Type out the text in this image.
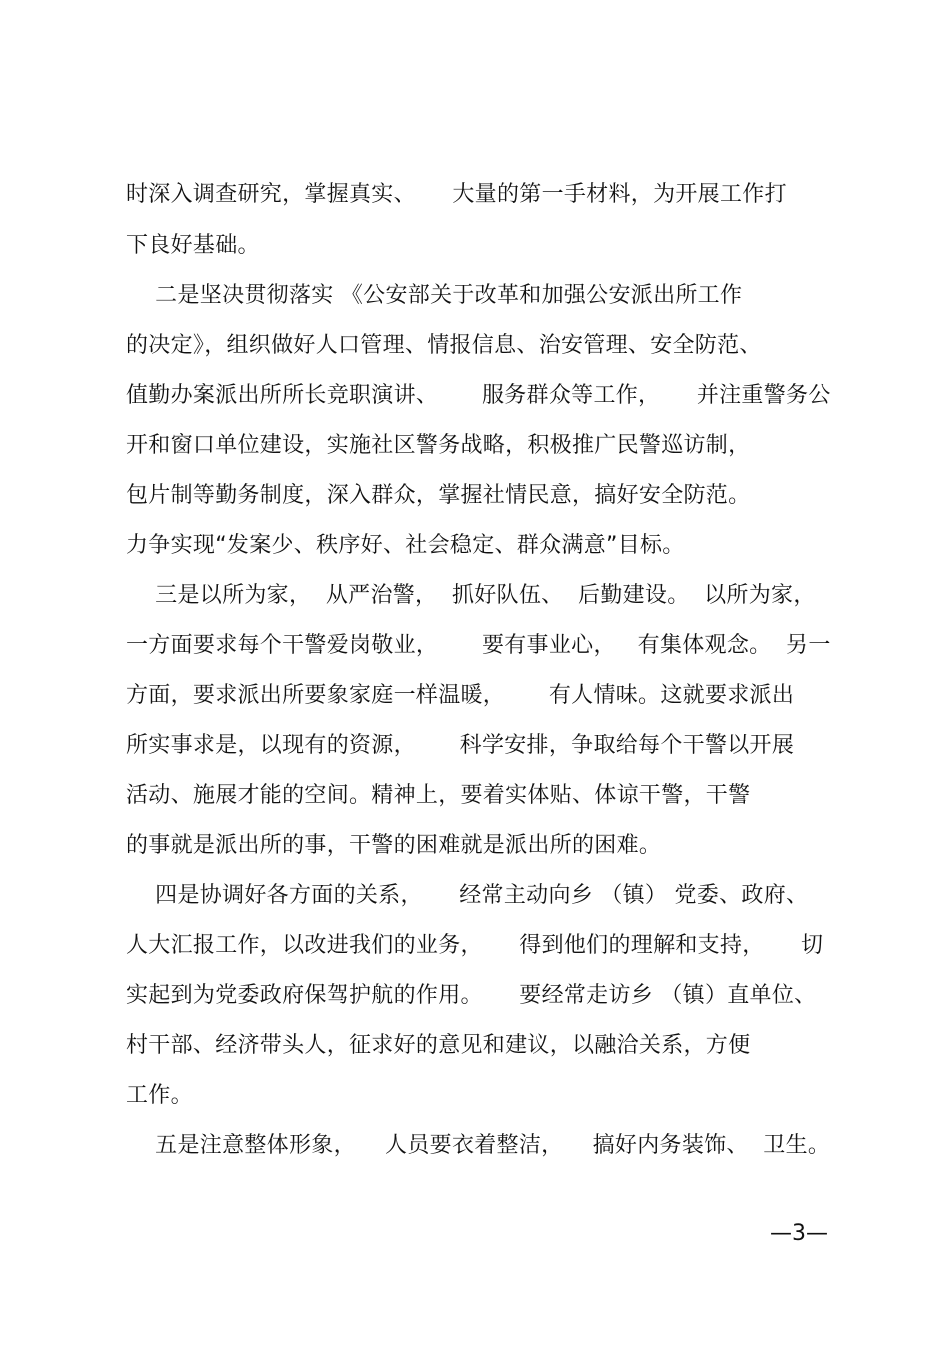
时深入调查研究，掌握真实、     大量的第一手材料，为开展工作打
下良好基础。
二是坚决贯彻落实 《公安部关于改革和加强公安派出所工作
的决定》，组织做好人口管理、情报信息、治安管理、安全防范、
值勤办案派出所所长竞职演讲、      服务群众等工作，     并注重警务公
开和窗口单位建设，实施社区警务战略，积极推广民警巡访制，
包片制等勤务制度，深入群众，掌握社情民意，搞好安全防范。
力争实现“发案少、秩序好、社会稳定、群众满意”目标。
三是以所为家，  从严治警，  抓好队伍、  后勤建设。  以所为家，
一方面要求每个干警爱岗敬业，      要有事业心，   有集体观念。  另一
方面，要求派出所要象家庭一样温暖，      有人情味。这就要求派出
所实事求是，以现有的资源，      科学安排，争取给每个干警以开展
活动、施展才能的空间。精神上，要着实体贴、体谅干警，干警
的事就是派出所的事，干警的困难就是派出所的困难。
四是协调好各方面的关系，     经常主动向乡 （镇） 党委、政府、
人大汇报工作，以改进我们的业务，     得到他们的理解和支持，     切
实起到为党委政府保驾护航的作用。     要经常走访乡 （镇）直单位、
村干部、经济带头人，征求好的意见和建议，以融洽关系，方便
工作。
五是注意整体形象，    人员要衣着整洁，    搞好内务装饰、  卫生。
—3—
